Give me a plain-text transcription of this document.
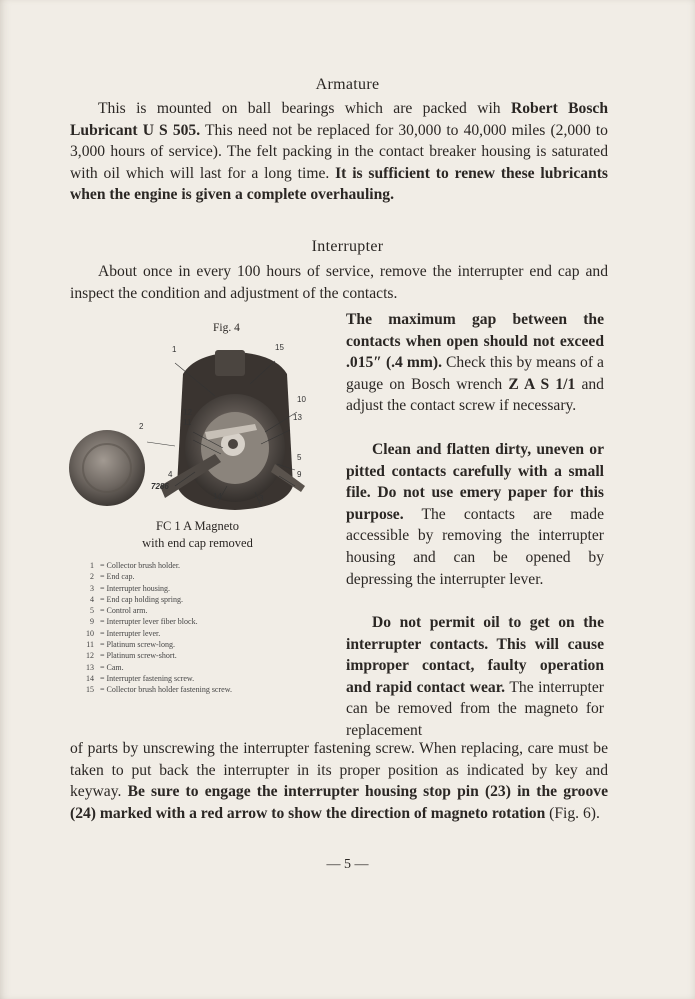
Armature

This is mounted on ball bearings which are packed wih Robert Bosch Lubricant U S 505. This need not be replaced for 30,000 to 40,000 miles (2,000 to 3,000 hours of service). The felt packing in the contact breaker housing is saturated with oil which will last for a long time. It is sufficient to renew these lubricants when the engine is given a complete overhauling.

Interrupter

About once in every 100 hours of service, remove the interrupter end cap and inspect the condition and adjustment of the contacts.

The maximum gap between the contacts when open should not exceed .015″ (.4 mm). Check this by means of a gauge on Bosch wrench Z A S 1/1 and adjust the contact screw if necessary.

Clean and flatten dirty, uneven or pitted contacts carefully with a small file. Do not use emery paper for this purpose. The contacts are made accessible by removing the interrupter housing and can be opened by depressing the interrupter lever.

Do not permit oil to get on the interrupter contacts. This will cause improper contact, faulty operation and rapid contact wear. The interrupter can be removed from the magneto for replacement

of parts by unscrewing the interrupter fastening screw. When replacing, care must be taken to put back the interrupter in its proper position as indicated by key and keyway. Be sure to engage the interrupter housing stop pin (23) in the groove (24) marked with a red arrow to show the direction of magneto rotation (Fig. 6).

Fig. 4
1	15
10
13
12
11
2
5
9
4
14	3
7286
FC 1 A Magneto
with end cap removed
1 = Collector brush holder.
2 = End cap.
3 = Interrupter housing.
4 = End cap holding spring.
5 = Control arm.
9 = Interrupter lever fiber block.
10 = Interrupter lever.
11 = Platinum screw-long.
12 = Platinum screw-short.
13 = Cam.
14 = Interrupter fastening screw.
15 = Collector brush holder fastening screw.
— 5 —
